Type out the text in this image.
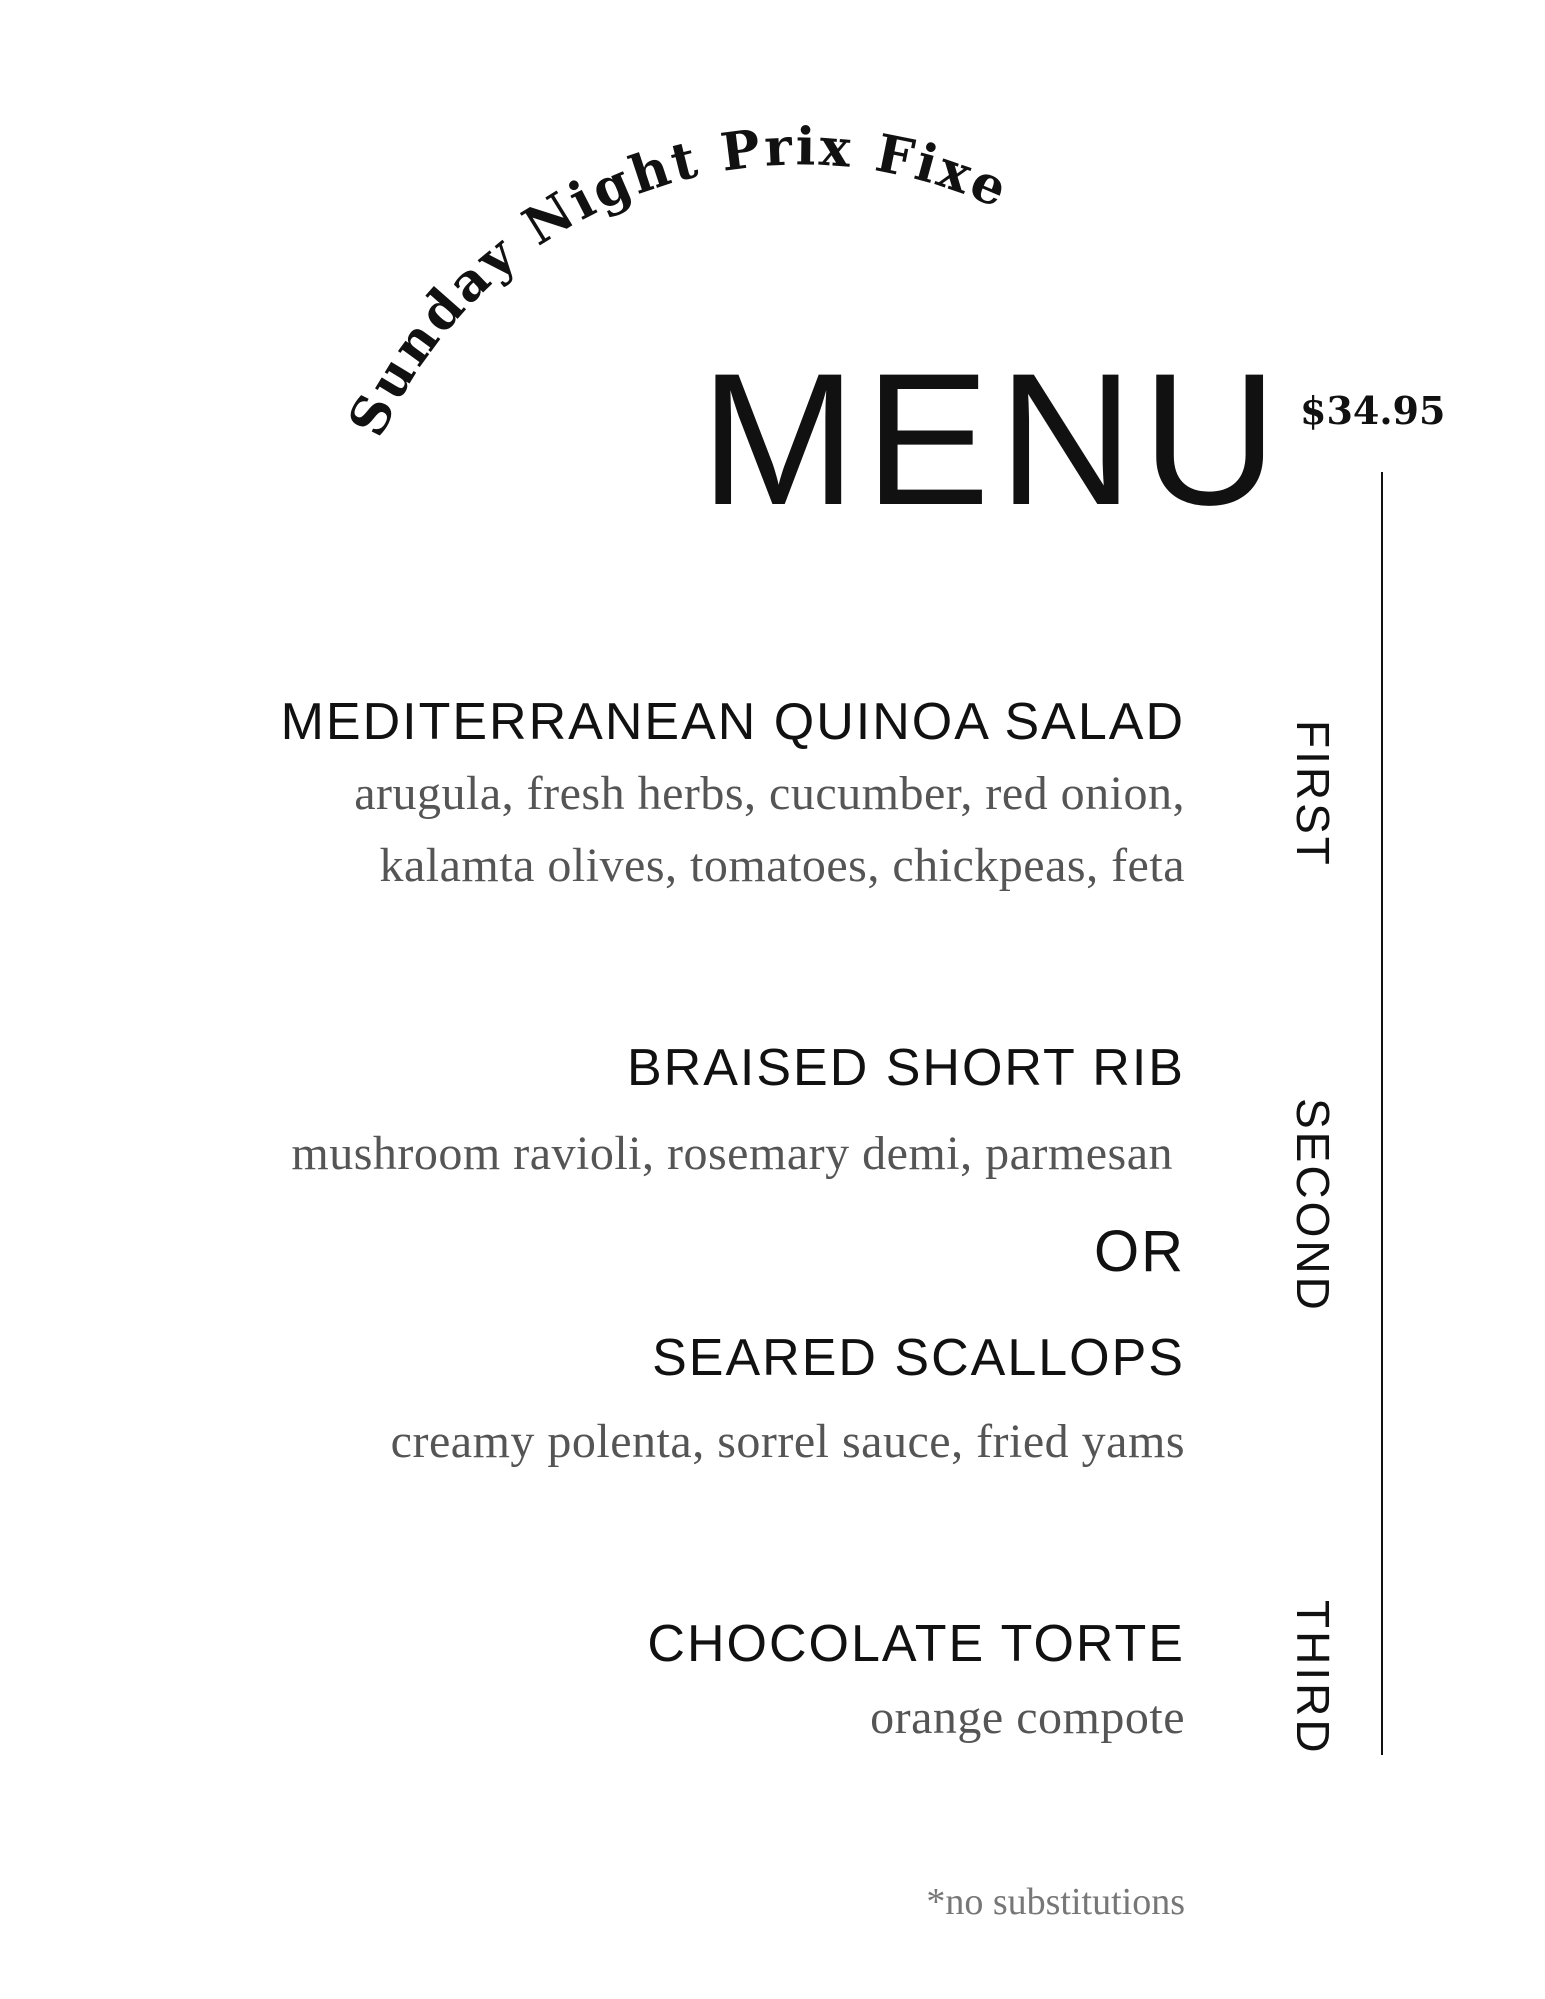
Sunday Night Prix Fixe
MENU $34.95
FIRST
SECOND
THIRD
MEDITERRANEAN QUINOA SALAD
arugula, fresh herbs, cucumber, red onion,
kalamta olives, tomatoes, chickpeas, feta
BRAISED SHORT RIB
mushroom ravioli, rosemary demi, parmesan
OR
SEARED SCALLOPS
creamy polenta, sorrel sauce, fried yams
CHOCOLATE TORTE
orange compote
*no substitutions
